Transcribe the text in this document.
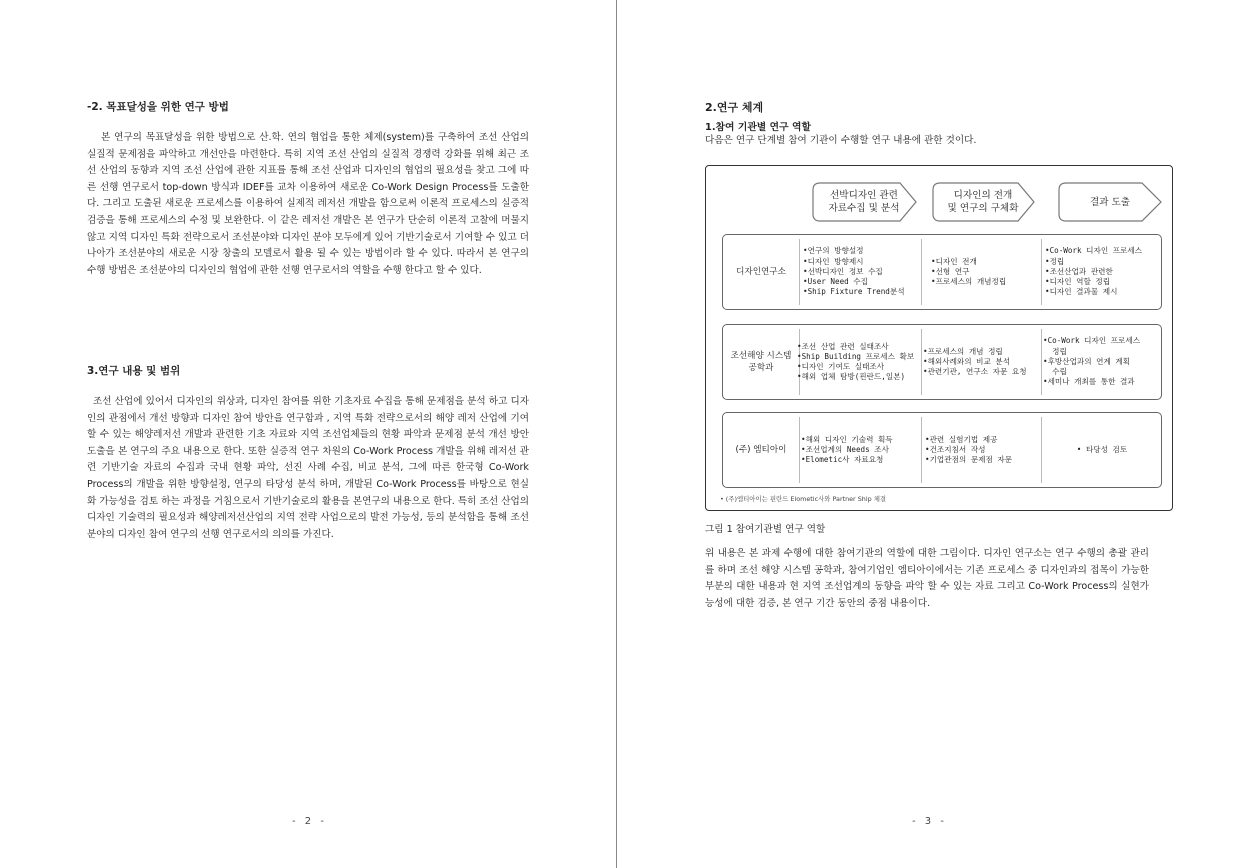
-2. 목표달성을 위한 연구 방법

본 연구의 목표달성을 위한 방법으로 산.학. 연의 협업을 통한 체제(system)를 구축하여 조선 산업의 실질적 문제점을 파악하고 개선안을 마련한다. 특히 지역 조선 산업의 실질적 경쟁력 강화를 위해 최근 조선 산업의 동향과 지역 조선 산업에 관한 지표를 통해 조선 산업과 디자인의 협업의 필요성을 찾고 그에 따른 선행 연구로서 top-down 방식과 IDEF를 교차 이용하여 새로운 Co-Work Design Process를 도출한다. 그리고 도출된 새로운 프로세스를 이용하여 실제적 레저선 개발을 함으로써 이론적 프로세스의 실증적 검증을 통해 프로세스의 수정 및 보완한다. 이 같은 레저선 개발은 본 연구가 단순히 이론적 고찰에 머물지 않고 지역 디자인 특화 전략으로서 조선분야와 디자인 분야 모두에게 있어 기반기술로서 기여할 수 있고 더 나아가 조선분야의 새로운 시장 창출의 모델로서 활용 될 수 있는 방법이라 할 수 있다. 따라서 본 연구의 수행 방법은 조선분야의 디자인의 협업에 관한 선행 연구로서의 역할을 수행 한다고 할 수 있다.

3.연구 내용 및 범위

조선 산업에 있어서 디자인의 위상과, 디자인 참여를 위한 기초자료 수집을 통해 문제점을 분석 하고 디자인의 관점에서 개선 방향과 디자인 참여 방안을 연구함과 , 지역 특화 전략으로서의 해양 레저 산업에 기여할 수 있는 해양레저선 개발과 관련한 기초 자료와 지역 조선업체들의 현황 파악과 문제점 분석 개선 방안 도출을 본 연구의 주요 내용으로 한다. 또한 실증적 연구 차원의 Co-Work Process 개발을 위해 레저선 관련 기반기술 자료의 수집과 국내 현황 파악, 선진 사례 수집, 비교 분석, 그에 따른 한국형 Co-Work Process의 개발을 위한 방향설정, 연구의 타당성 분석 하며, 개발된 Co-Work Process를 바탕으로 현실화 가능성을 검토 하는 과정을 거침으로서 기반기술로의 활용을 본연구의 내용으로 한다. 특히 조선 산업의 디자인 기술력의 필요성과 해양레저선산업의 지역 전략 사업으로의 발전 가능성, 등의 분석함을 통해 조선 분야의 디자인 참여 연구의 선행 연구로서의 의의를 가진다.

- 2 -
2.연구 체계
1.참여 기관별 연구 역할
다음은 연구 단계별 참여 기관이 수행할 연구 내용에 관한 것이다.
선박디자인 관련
자료수집 및 분석
디자인의 전개
및 연구의 구체화
결과 도출
디자인연구소
•연구의 방향설정
•디자인 방향제시
•선박디자인 정보 수집
•User Need 수집
•Ship Fixture Trend분석
•디자인 전개
•선형 연구
•프로세스의 개념정립
•Co-Work 디자인 프로세스
•정립
•조선산업과 관련한
•디자인 역할 정립
•디자인 결과물 제시
조선해양 시스템 공학과
•조선 산업 관련 실태조사
•Ship Building 프로세스 확보
•디자인 기여도 실태조사
•해외 업체 탐방(핀란드,일본)
•프로세스의 개념 정립
•해외사례와의 비교 분석
•관련기관, 연구소 자문 요청
•Co-Work 디자인 프로세스
정립
•후방산업과의 연계 계획
수립
•세미나 개최를 통한 결과
(주) 엠티아이
•해외 디자인 기술력 획득
•조선업계의 Needs 조사
•Elometic사 자료요청
•관련 실험기법 제공
•건조지침서 작성
•기업관점의 문제점 자문
• 타당성 검토
• (주)엠티아이는 핀란드 Elometic사와 Partner Ship 체결
그림 1 참여기관별 연구 역할

위 내용은 본 과제 수행에 대한 참여기관의 역할에 대한 그림이다. 디자인 연구소는 연구 수행의 총괄 관리를 하며 조선 해양 시스템 공학과, 참여기업인 엠티아이에서는 기존 프로세스 중 디자인과의 접목이 가능한 부분의 대한 내용과 현 지역 조선업계의 동향을 파악 할 수 있는 자료 그리고 Co-Work Process의 실현가능성에 대한 검증, 본 연구 기간 동안의 중점 내용이다.

- 3 -
